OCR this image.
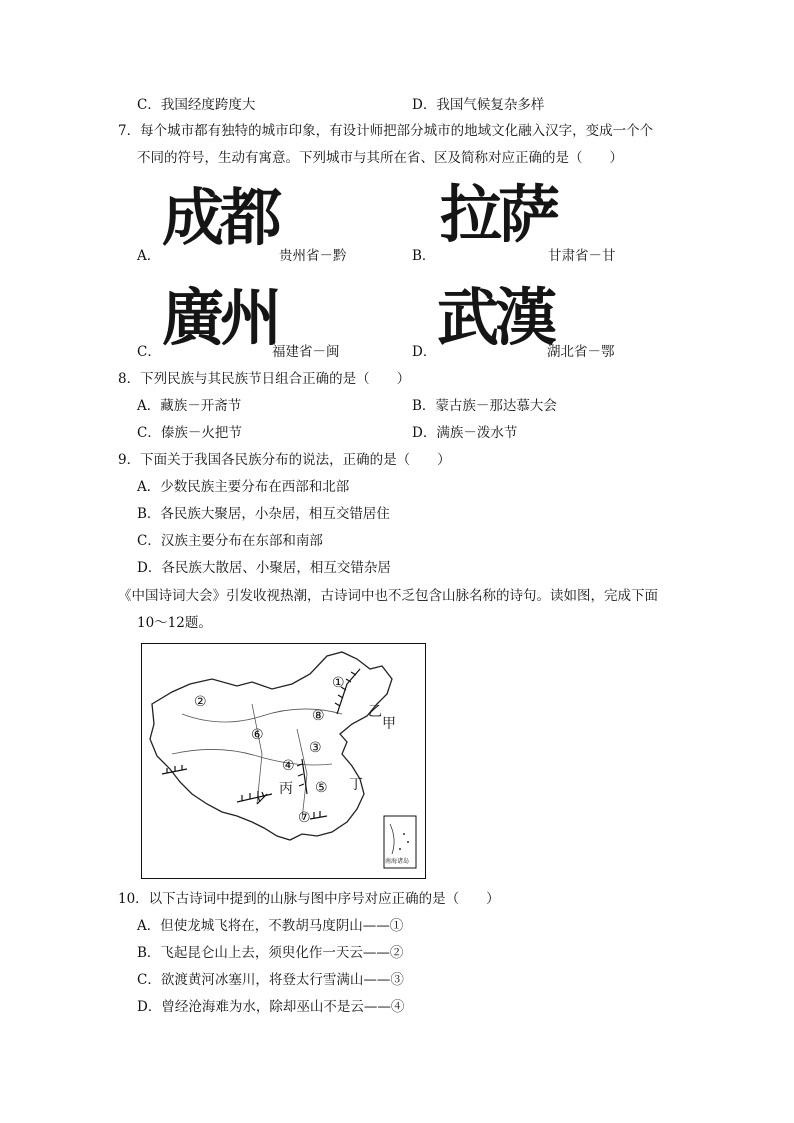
C．我国经度跨度大	D．我国气候复杂多样
7．每个城市都有独特的城市印象，有设计师把部分城市的地域文化融入汉字，变成一个个
不同的符号，生动有寓意。下列城市与其所在省、区及简称对应正确的是（　　）
成都
A．	贵州省－黔
拉萨
B．	甘肃省－甘
廣州
C．	福建省－闽 武漢
D．	湖北省－鄂
8．下列民族与其民族节日组合正确的是（　　）
A．藏族－开斋节	B．蒙古族－那达慕大会
C．傣族－火把节	D．满族－泼水节
9．下面关于我国各民族分布的说法，正确的是（　　）
A．少数民族主要分布在西部和北部
B．各民族大聚居，小杂居，相互交错居住
C．汉族主要分布在东部和南部
D．各民族大散居、小聚居，相互交错杂居
《中国诗词大会》引发收视热潮，古诗词中也不乏包含山脉名称的诗句。读如图，完成下面
10～12题。
①
②
③
④
⑤
⑥
⑦
⑧	甲
乙
丙	丁
南海诸岛
10．以下古诗词中提到的山脉与图中序号对应正确的是（　　）
A．但使龙城飞将在，不教胡马度阴山——①
B．飞起昆仑山上去，须臾化作一天云——②
C．欲渡黄河冰塞川，将登太行雪满山——③
D．曾经沧海难为水，除却巫山不是云——④
